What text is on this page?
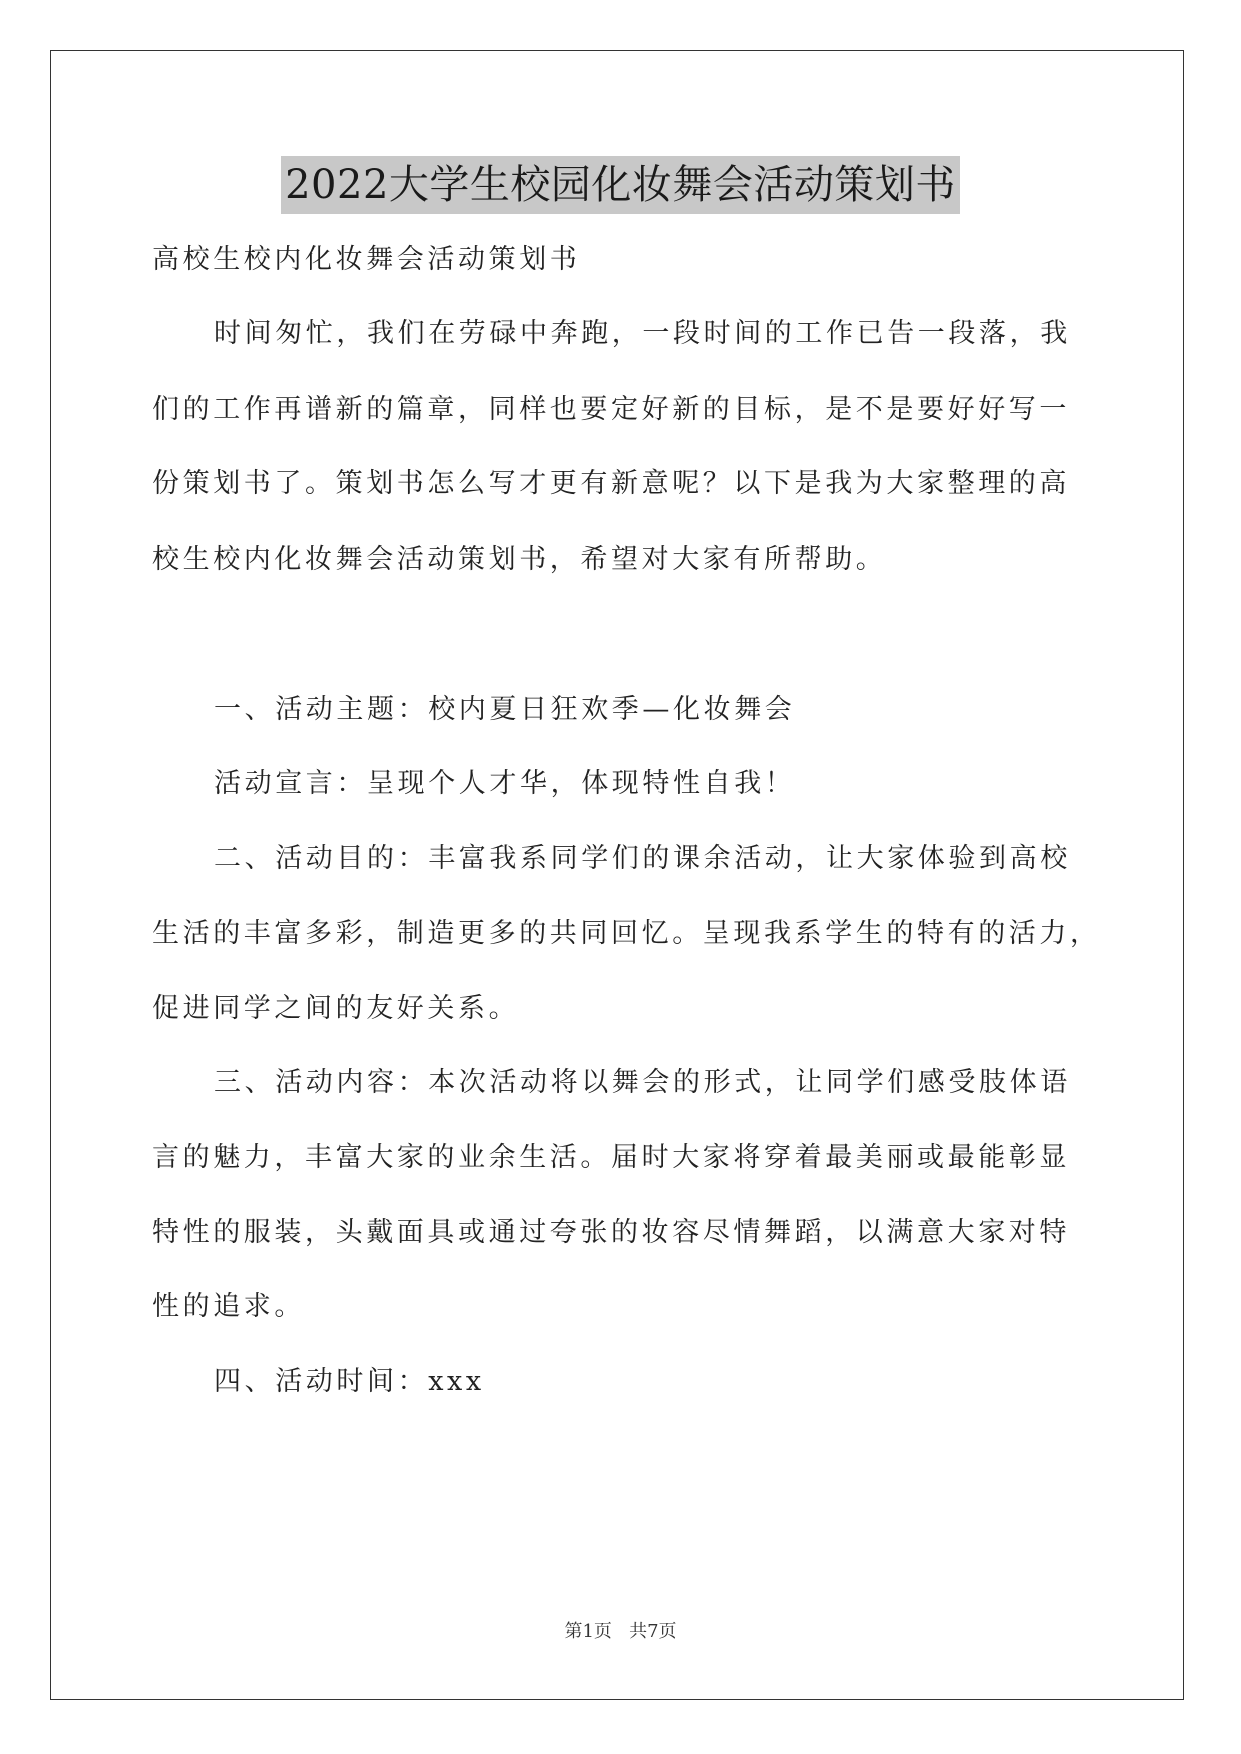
2022大学生校园化妆舞会活动策划书
高校生校内化妆舞会活动策划书
时间匆忙，我们在劳碌中奔跑，一段时间的工作已告一段落，我
们的工作再谱新的篇章，同样也要定好新的目标，是不是要好好写一
份策划书了。策划书怎么写才更有新意呢？以下是我为大家整理的高
校生校内化妆舞会活动策划书，希望对大家有所帮助。
一、活动主题：校内夏日狂欢季—化妆舞会
活动宣言：呈现个人才华，体现特性自我！
二、活动目的：丰富我系同学们的课余活动，让大家体验到高校
生活的丰富多彩，制造更多的共同回忆。呈现我系学生的特有的活力，
促进同学之间的友好关系。
三、活动内容：本次活动将以舞会的形式，让同学们感受肢体语
言的魅力，丰富大家的业余生活。届时大家将穿着最美丽或最能彰显
特性的服装，头戴面具或通过夸张的妆容尽情舞蹈，以满意大家对特
性的追求。
四、活动时间：xxx
第1页   共7页
